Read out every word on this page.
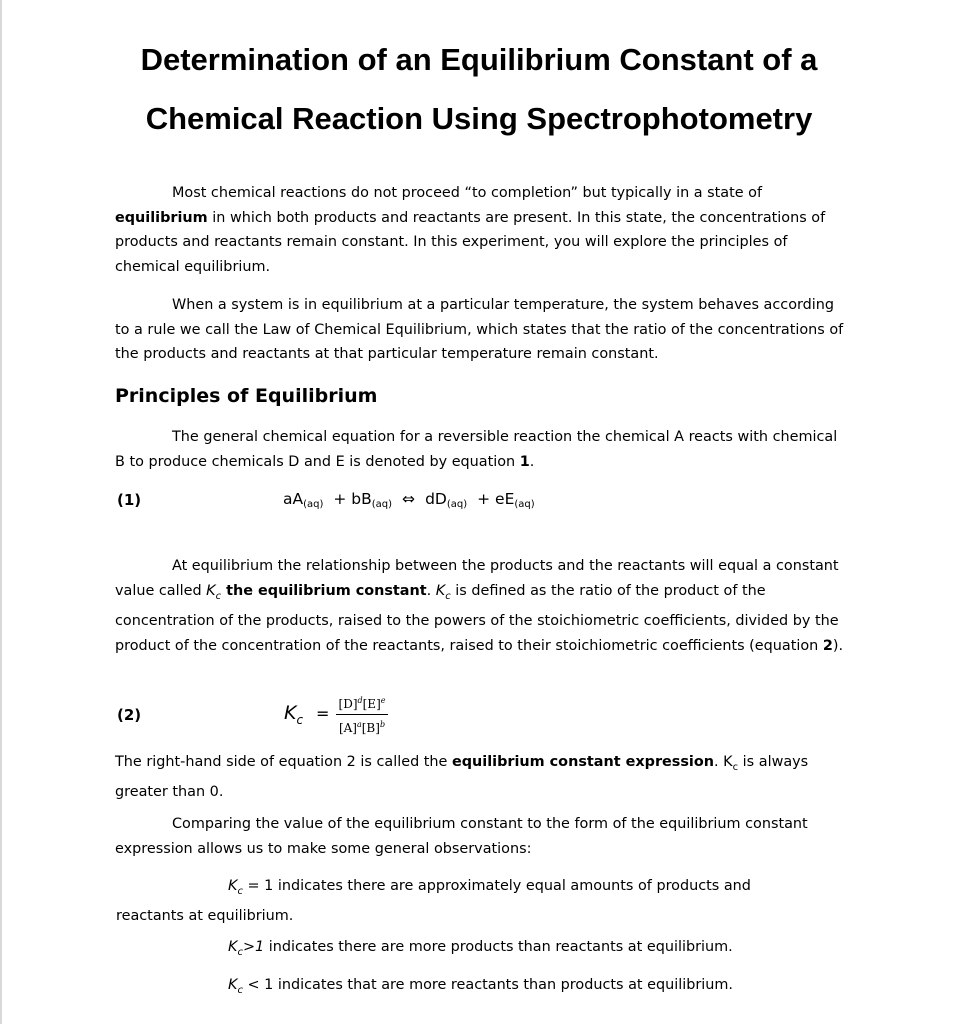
Determination of an Equilibrium Constant of a
Chemical Reaction Using Spectrophotometry

Most chemical reactions do not proceed “to completion” but typically in a state of equilibrium in which both products and reactants are present. In this state, the concentrations of products and reactants remain constant. In this experiment, you will explore the principles of chemical equilibrium.

When a system is in equilibrium at a particular temperature, the system behaves according to a rule we call the Law of Chemical Equilibrium, which states that the ratio of the concentrations of the products and reactants at that particular temperature remain constant.

Principles of Equilibrium

The general chemical equation for a reversible reaction the chemical A reacts with chemical B to produce chemicals D and E is denoted by equation 1.

(1)	$aA_{(aq)} + bB_{(aq)}$ ⇔ $dD_{(aq)} + eE_{(aq)}$

At equilibrium the relationship between the products and the reactants will equal a constant value called $K_c$ the equilibrium constant. $K_c$ is defined as the ratio of the product of the concentration of the products, raised to the powers of the stoichiometric coefficients, divided by the product of the concentration of the reactants, raised to their stoichiometric coefficients (equation 2).

(2)	$K_c = \frac{[D]^d[E]^e}{[A]^a[B]^b}$

The right-hand side of equation 2 is called the equilibrium constant expression. $K_c$ is always greater than 0.

Comparing the value of the equilibrium constant to the form of the equilibrium constant expression allows us to make some general observations:

$K_c = 1$ indicates there are approximately equal amounts of products and
reactants at equilibrium.

$K_c>1$ indicates there are more products than reactants at equilibrium.

$K_c < 1$ indicates that are more reactants than products at equilibrium.
